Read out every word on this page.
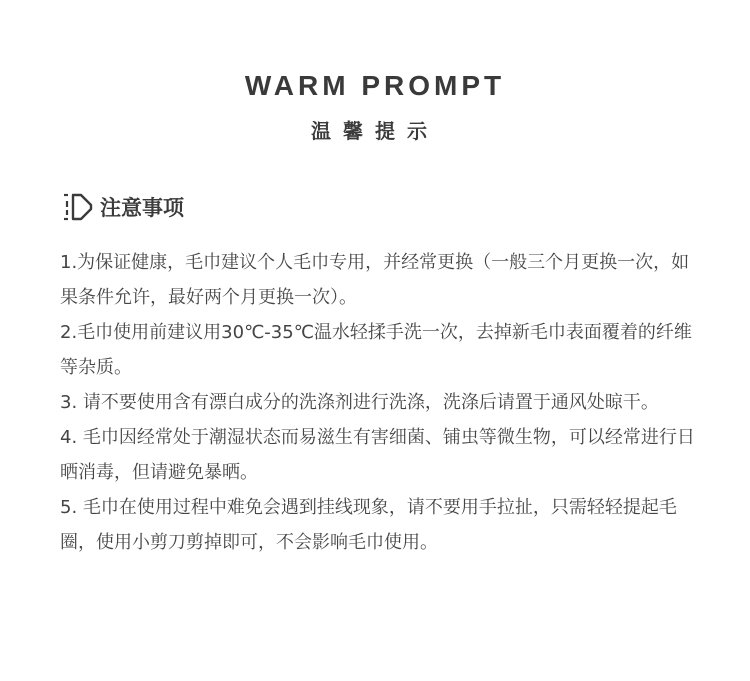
WARM PROMPT
温馨提示
注意事项

1.为保证健康，毛巾建议个人毛巾专用，并经常更换（一般三个月更换一次，如果条件允许，最好两个月更换一次）。

2.毛巾使用前建议用30℃-35℃温水轻揉手洗一次，去掉新毛巾表面覆着的纤维等杂质。

3. 请不要使用含有漂白成分的洗涤剂进行洗涤，洗涤后请置于通风处晾干。

4. 毛巾因经常处于潮湿状态而易滋生有害细菌、铺虫等微生物，可以经常进行日晒消毒，但请避免暴晒。

5. 毛巾在使用过程中难免会遇到挂线现象，请不要用手拉扯，只需轻轻提起毛圈，使用小剪刀剪掉即可，不会影响毛巾使用。
